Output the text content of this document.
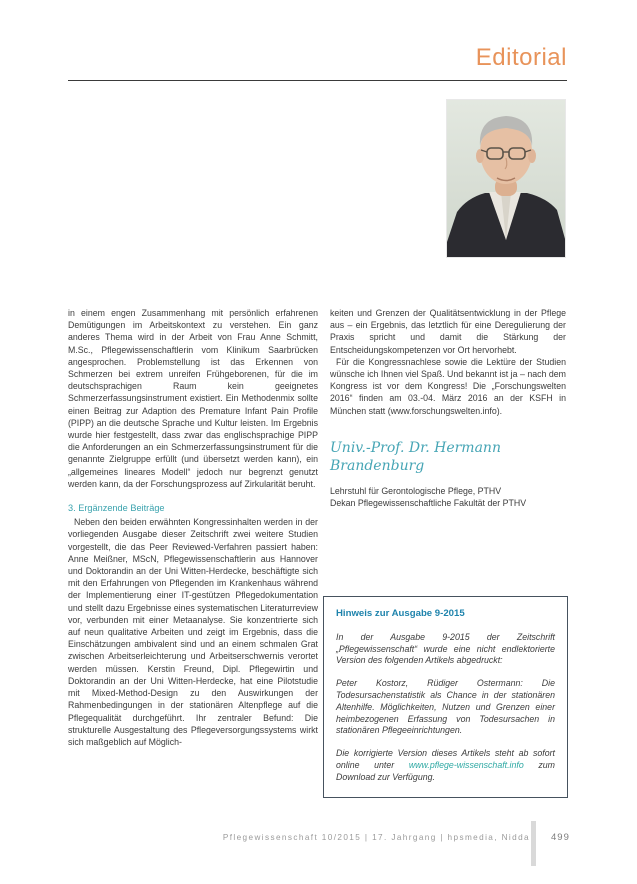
Editorial

in einem engen Zusammenhang mit persönlich erfahrenen Demütigungen im Arbeitskontext zu verstehen. Ein ganz anderes Thema wird in der Arbeit von Frau Anne Schmitt, M.Sc., Pflegewissenschaftlerin vom Klinikum Saarbrücken angesprochen. Problemstellung ist das Erkennen von Schmerzen bei extrem unreifen Frühgeborenen, für die im deutschsprachigen Raum kein geeignetes Schmerzerfassungsinstrument existiert. Ein Methodenmix sollte einen Beitrag zur Adaption des Premature Infant Pain Profile (PIPP) an die deutsche Sprache und Kultur leisten. Im Ergebnis wurde hier festgestellt, dass zwar das englischsprachige PIPP die Anforderungen an ein Schmerzerfassungsinstrument für die genannte Zielgruppe erfüllt (und übersetzt werden kann), ein „allgemeines lineares Modell“ jedoch nur begrenzt genutzt werden kann, da der Forschungsprozess auf Zirkularität beruht.

3. Ergänzende Beiträge

Neben den beiden erwähnten Kongressinhalten werden in der vorliegenden Ausgabe dieser Zeitschrift zwei weitere Studien vorgestellt, die das Peer Reviewed-Verfahren passiert haben: Anne Meißner, MScN, Pflegewissenschaftlerin aus Hannover und Doktorandin an der Uni Witten-Herdecke, beschäftigte sich mit den Erfahrungen von Pflegenden im Krankenhaus während der Implementierung einer IT-gestützen Pflegedokumentation und stellt dazu Ergebnisse eines systematischen Literaturreview vor, verbunden mit einer Metaanalyse. Sie konzentrierte sich auf neun qualitative Arbeiten und zeigt im Ergebnis, dass die Einschätzungen ambivalent sind und an einem schmalen Grat zwischen Arbeitserleichterung und Arbeitserschwernis verortet werden müssen. Kerstin Freund, Dipl. Pflegewirtin und Doktorandin an der Uni Witten-Herdecke, hat eine Pilotstudie mit Mixed-Method-Design zu den Auswirkungen der Rahmenbedingungen in der stationären Altenpflege auf die Pflegequalität durchgeführt. Ihr zentraler Befund: Die strukturelle Ausgestaltung des Pflegeversorgungssystems wirkt sich maßgeblich auf Möglich-

keiten und Grenzen der Qualitätsentwicklung in der Pflege aus – ein Ergebnis, das letztlich für eine Deregulierung der Praxis spricht und damit die Stärkung der Entscheidungskompetenzen vor Ort hervorhebt.

Für die Kongressnachlese sowie die Lektüre der Studien wünsche ich Ihnen viel Spaß. Und bekannt ist ja – nach dem Kongress ist vor dem Kongress! Die „Forschungswelten 2016“ finden am 03.-04. März 2016 an der KSFH in München statt (www.forschungswelten.info).

Univ.-Prof. Dr. Hermann Brandenburg
Lehrstuhl für Gerontologische Pflege, PTHV
Dekan Pflegewissenschaftliche Fakultät der PTHV
Hinweis zur Ausgabe 9-2015

In der Ausgabe 9-2015 der Zeitschrift „Pflegewissenschaft“ wurde eine nicht endlektorierte Version des folgenden Artikels abgedruckt:

Peter Kostorz, Rüdiger Ostermann: Die Todesursachenstatistik als Chance in der stationären Altenhilfe. Möglichkeiten, Nutzen und Grenzen einer heimbezogenen Erfassung von Todesursachen in stationären Pflegeeinrichtungen.

Die korrigierte Version dieses Artikels steht ab sofort online unter www.pflege-wissenschaft.info zum Download zur Verfügung.

Pflegewissenschaft 10/2015 | 17. Jahrgang | hpsmedia, Nidda 499
